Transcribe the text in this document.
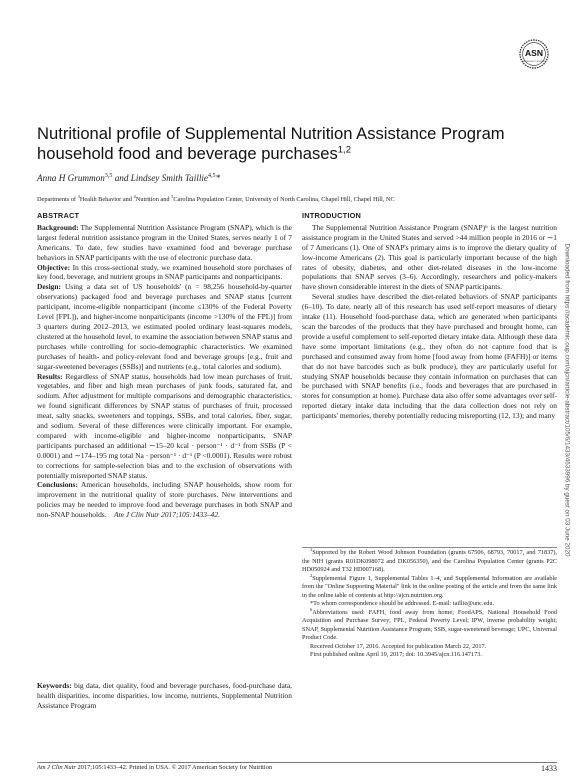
ASN
AMERICAN SOCIETY FOR NUTRITION
Nutritional profile of Supplemental Nutrition Assistance Program household food and beverage purchases$^{1,2}$
Anna H Grummon$^{3,5}$ and Lindsey Smith Taillie$^{4,5}$*
Departments of $^3$Health Behavior and $^4$Nutrition and $^5$Carolina Population Center, University of North Carolina, Chapel Hill, Chapel Hill, NC
ABSTRACT

Background: The Supplemental Nutrition Assistance Program (SNAP), which is the largest federal nutrition assistance program in the United States, serves nearly 1 of 7 Americans. To date, few studies have examined food and beverage purchase behaviors in SNAP participants with the use of electronic purchase data.

Objective: In this cross-sectional study, we examined household store purchases of key food, beverage, and nutrient groups in SNAP participants and nonparticipants.

Design: Using a data set of US households' (n = 98,256 household-by-quarter observations) packaged food and beverage purchases and SNAP status [current participant, income-eligible nonparticipant (income ≤130% of the Federal Poverty Level [FPL]), and higher-income nonparticipants (income >130% of the FPL)] from 3 quarters during 2012–2013, we estimated pooled ordinary least-squares models, clustered at the household level, to examine the association between SNAP status and purchases while controlling for socio-demographic characteristics. We examined purchases of health- and policy-relevant food and beverage groups [e.g., fruit and sugar-sweetened beverages (SSBs)] and nutrients (e.g., total calories and sodium).

Results: Regardless of SNAP status, households had low mean purchases of fruit, vegetables, and fiber and high mean purchases of junk foods, saturated fat, and sodium. After adjustment for multiple comparisons and demographic characteristics, we found significant differences by SNAP status of purchases of fruit, processed meat, salty snacks, sweeteners and toppings, SSBs, and total calories, fiber, sugar, and sodium. Several of these differences were clinically important. For example, compared with income-eligible and higher-income nonparticipants, SNAP participants purchased an additional ∼15–20 kcal · person⁻¹ · d⁻¹ from SSBs (P < 0.0001) and ∼174–195 mg total Na · person⁻¹ · d⁻¹ (P <0.0001). Results were robust to corrections for sample-selection bias and to the exclusion of observations with potentially misreported SNAP status.

Conclusions: American households, including SNAP households, show room for improvement in the nutritional quality of store purchases. New interventions and policies may be needed to improve food and beverage purchases in both SNAP and non-SNAP households. Am J Clin Nutr 2017;105:1433–42.

Keywords: big data, diet quality, food and beverage purchases, food-purchase data, health disparities, income disparities, low income, nutrients, Supplemental Nutrition Assistance Program
INTRODUCTION

The Supplemental Nutrition Assistance Program (SNAP)⁶ is the largest nutrition assistance program in the United States and served >44 million people in 2016 or ∼1 of 7 Americans (1). One of SNAP's primary aims is to improve the dietary quality of low-income Americans (2). This goal is particularly important because of the high rates of obesity, diabetes, and other diet-related diseases in the low-income populations that SNAP serves (3–6). Accordingly, researchers and policy-makers have shown considerable interest in the diets of SNAP participants.

Several studies have described the diet-related behaviors of SNAP participants (6–10). To date, nearly all of this research has used self-report measures of dietary intake (11). Household food-purchase data, which are generated when participants scan the barcodes of the products that they have purchased and brought home, can provide a useful complement to self-reported dietary intake data. Although these data have some important limitations (e.g., they often do not capture food that is purchased and consumed away from home [food away from home (FAFH)] or items that do not have barcodes such as bulk produce), they are particularly useful for studying SNAP households because they contain information on purchases that can be purchased with SNAP benefits (i.e., foods and beverages that are purchased in stores for consumption at home). Purchase data also offer some advantages over self-reported dietary intake data including that the data collection does not rely on participants' memories, thereby potentially reducing misreporting (12, 13); and many

$^1$Supported by the Robert Wood Johnson Foundation (grants 67506, 68793, 70017, and 71837), the NIH (grants R01DK098072 and DK056350), and the Carolina Population Center (grants P2C HD050924 and T32 HD007168).

$^2$Supplemental Figure 1, Supplemental Tables 1–4, and Supplemental Information are available from the "Online Supporting Material" link in the online posting of the article and from the same link in the online table of contents at http://ajcn.nutrition.org.

*To whom correspondence should be addressed. E-mail: taillie@unc.edu.

$^6$Abbreviations used: FAFH, food away from home; FoodAPS, National Household Food Acquisition and Purchase Survey; FPL, Federal Poverty Level; IPW, inverse probability weight; SNAP, Supplemental Nutrition Assistance Program; SSB, sugar-sweetened beverage; UPC, Universal Product Code.

Received October 17, 2016. Accepted for publication March 22, 2017.

First published online April 19, 2017; doi: 10.3945/ajcn.116.147173.

Am J Clin Nutr 2017;105:1433–42. Printed in USA. © 2017 American Society for Nutrition	1433
Downloaded from https://academic.oup.com/ajcn/article-abstract/105/6/1433/4633996 by guest on 03 June 2020
